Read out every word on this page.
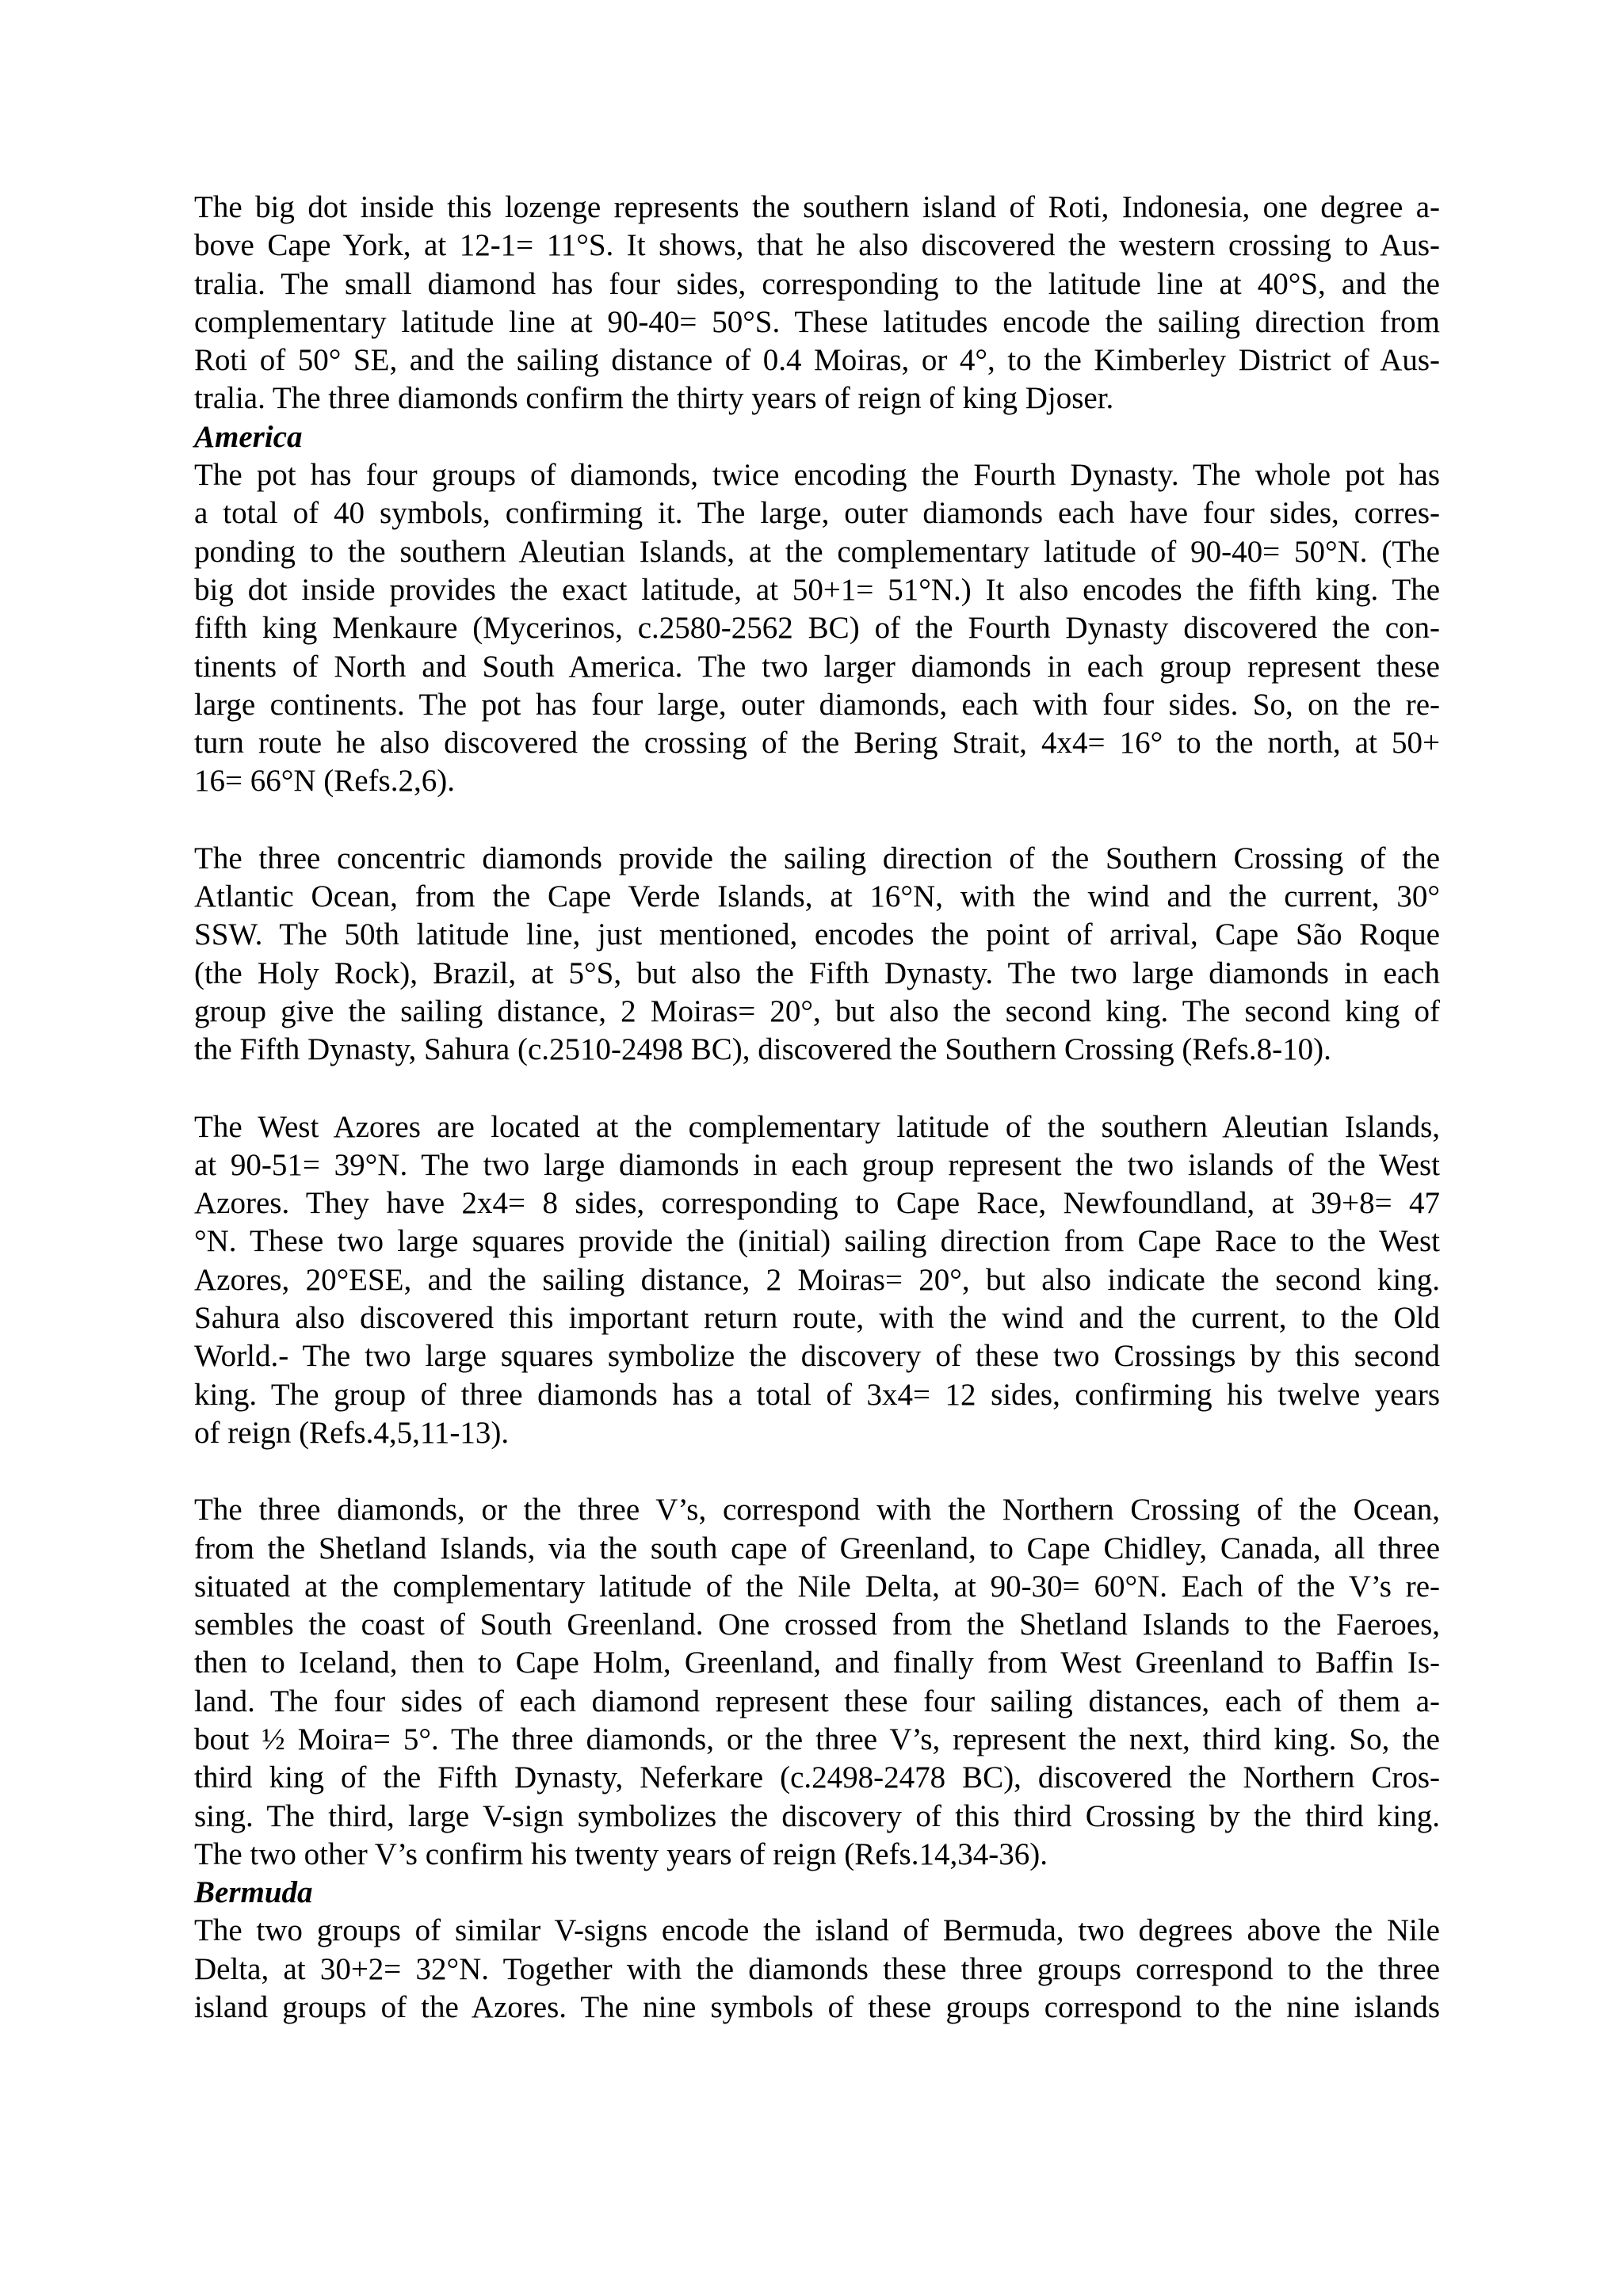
The big dot inside this lozenge represents the southern island of Roti, Indonesia, one degree a-
bove Cape York, at 12-1= 11°S. It shows, that he also discovered the western crossing to Aus-
tralia. The small diamond has four sides, corresponding to the latitude line at 40°S, and the
complementary latitude line at 90-40= 50°S. These latitudes encode the sailing direction from
Roti of 50° SE, and the sailing distance of 0.4 Moiras, or 4°, to the Kimberley District of Aus-
tralia. The three diamonds confirm the thirty years of reign of king Djoser.
America
The pot has four groups of diamonds, twice encoding the Fourth Dynasty. The whole pot has
a total of 40 symbols, confirming it. The large, outer diamonds each have four sides, corres-
ponding to the southern Aleutian Islands, at the complementary latitude of 90-40= 50°N. (The
big dot inside provides the exact latitude, at 50+1= 51°N.) It also encodes the fifth king. The
fifth king Menkaure (Mycerinos, c.2580-2562 BC) of the Fourth Dynasty discovered the con-
tinents of North and South America. The two larger diamonds in each group represent these
large continents. The pot has four large, outer diamonds, each with four sides. So, on the re-
turn route he also discovered the crossing of the Bering Strait, 4x4= 16° to the north, at 50+
16= 66°N (Refs.2,6).
The three concentric diamonds provide the sailing direction of the Southern Crossing of the
Atlantic Ocean, from the Cape Verde Islands, at 16°N, with the wind and the current, 30°
SSW. The 50th latitude line, just mentioned, encodes the point of arrival, Cape São Roque
(the Holy Rock), Brazil, at 5°S, but also the Fifth Dynasty. The two large diamonds in each
group give the sailing distance, 2 Moiras= 20°, but also the second king. The second king of
the Fifth Dynasty, Sahura (c.2510-2498 BC), discovered the Southern Crossing (Refs.8-10).
The West Azores are located at the complementary latitude of the southern Aleutian Islands,
at 90-51= 39°N. The two large diamonds in each group represent the two islands of the West
Azores. They have 2x4= 8 sides, corresponding to Cape Race, Newfoundland, at 39+8= 47
°N. These two large squares provide the (initial) sailing direction from Cape Race to the West
Azores, 20°ESE, and the sailing distance, 2 Moiras= 20°, but also indicate the second king.
Sahura also discovered this important return route, with the wind and the current, to the Old
World.- The two large squares symbolize the discovery of these two Crossings by this second
king. The group of three diamonds has a total of 3x4= 12 sides, confirming his twelve years
of reign (Refs.4,5,11-13).
The three diamonds, or the three V’s, correspond with the Northern Crossing of the Ocean,
from the Shetland Islands, via the south cape of Greenland, to Cape Chidley, Canada, all three
situated at the complementary latitude of the Nile Delta, at 90-30= 60°N. Each of the V’s re-
sembles the coast of South Greenland. One crossed from the Shetland Islands to the Faeroes,
then to Iceland, then to Cape Holm, Greenland, and finally from West Greenland to Baffin Is-
land. The four sides of each diamond represent these four sailing distances, each of them a-
bout ½ Moira= 5°. The three diamonds, or the three V’s, represent the next, third king. So, the
third king of the Fifth Dynasty, Neferkare (c.2498-2478 BC), discovered the Northern Cros-
sing. The third, large V-sign symbolizes the discovery of this third Crossing by the third king.
The two other V’s confirm his twenty years of reign (Refs.14,34-36).
Bermuda
The two groups of similar V-signs encode the island of Bermuda, two degrees above the Nile
Delta, at 30+2= 32°N. Together with the diamonds these three groups correspond to the three
island groups of the Azores. The nine symbols of these groups correspond to the nine islands
